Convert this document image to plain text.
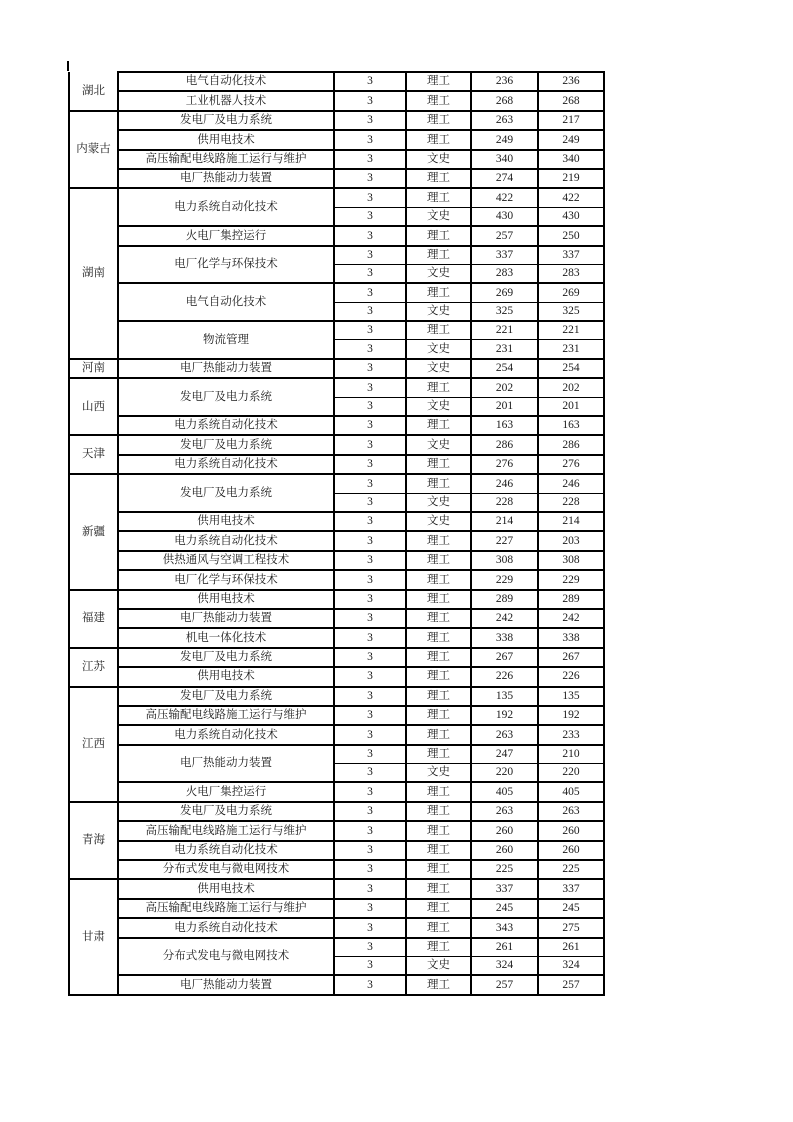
湖北	电气自动化技术	3	理工	236	236
	工业机器人技术	3	理工	268	268
内蒙古	发电厂及电力系统	3	理工	263	217
	供用电技术	3	理工	249	249
	高压输配电线路施工运行与维护	3	文史	340	340
	电厂热能动力装置	3	理工	274	219
湖南	电力系统自动化技术	3	理工	422	422
		3	文史	430	430
	火电厂集控运行	3	理工	257	250
	电厂化学与环保技术	3	理工	337	337
		3	文史	283	283
	电气自动化技术	3	理工	269	269
		3	文史	325	325
	物流管理	3	理工	221	221
		3	文史	231	231
河南	电厂热能动力装置	3	文史	254	254
山西	发电厂及电力系统	3	理工	202	202
		3	文史	201	201
	电力系统自动化技术	3	理工	163	163
天津	发电厂及电力系统	3	文史	286	286
	电力系统自动化技术	3	理工	276	276
新疆	发电厂及电力系统	3	理工	246	246
		3	文史	228	228
	供用电技术	3	文史	214	214
	电力系统自动化技术	3	理工	227	203
	供热通风与空调工程技术	3	理工	308	308
	电厂化学与环保技术	3	理工	229	229
福建	供用电技术	3	理工	289	289
	电厂热能动力装置	3	理工	242	242
	机电一体化技术	3	理工	338	338
江苏	发电厂及电力系统	3	理工	267	267
	供用电技术	3	理工	226	226
江西	发电厂及电力系统	3	理工	135	135
	高压输配电线路施工运行与维护	3	理工	192	192
	电力系统自动化技术	3	理工	263	233
	电厂热能动力装置	3	理工	247	210
		3	文史	220	220
	火电厂集控运行	3	理工	405	405
青海	发电厂及电力系统	3	理工	263	263
	高压输配电线路施工运行与维护	3	理工	260	260
	电力系统自动化技术	3	理工	260	260
	分布式发电与微电网技术	3	理工	225	225
甘肃	供用电技术	3	理工	337	337
	高压输配电线路施工运行与维护	3	理工	245	245
	电力系统自动化技术	3	理工	343	275
	分布式发电与微电网技术	3	理工	261	261
		3	文史	324	324
	电厂热能动力装置	3	理工	257	257
